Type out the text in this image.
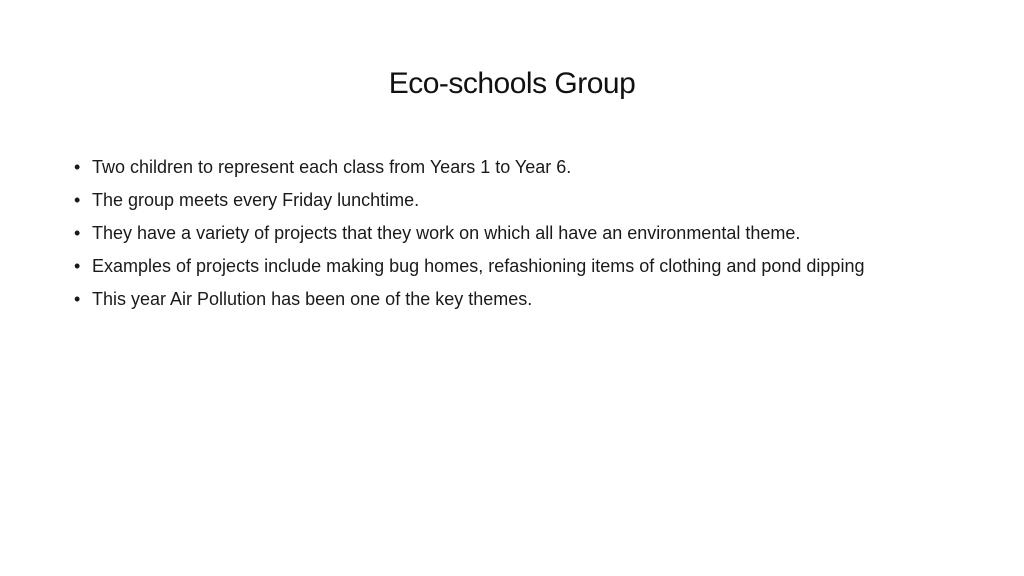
Eco-schools Group
• Two children to represent each class from Years 1 to Year 6.
• The group meets every Friday lunchtime.
• They have a variety of projects that they work on which all have an environmental theme.
• Examples of projects include making bug homes, refashioning items of clothing and pond dipping
• This year Air Pollution has been one of the key themes.
